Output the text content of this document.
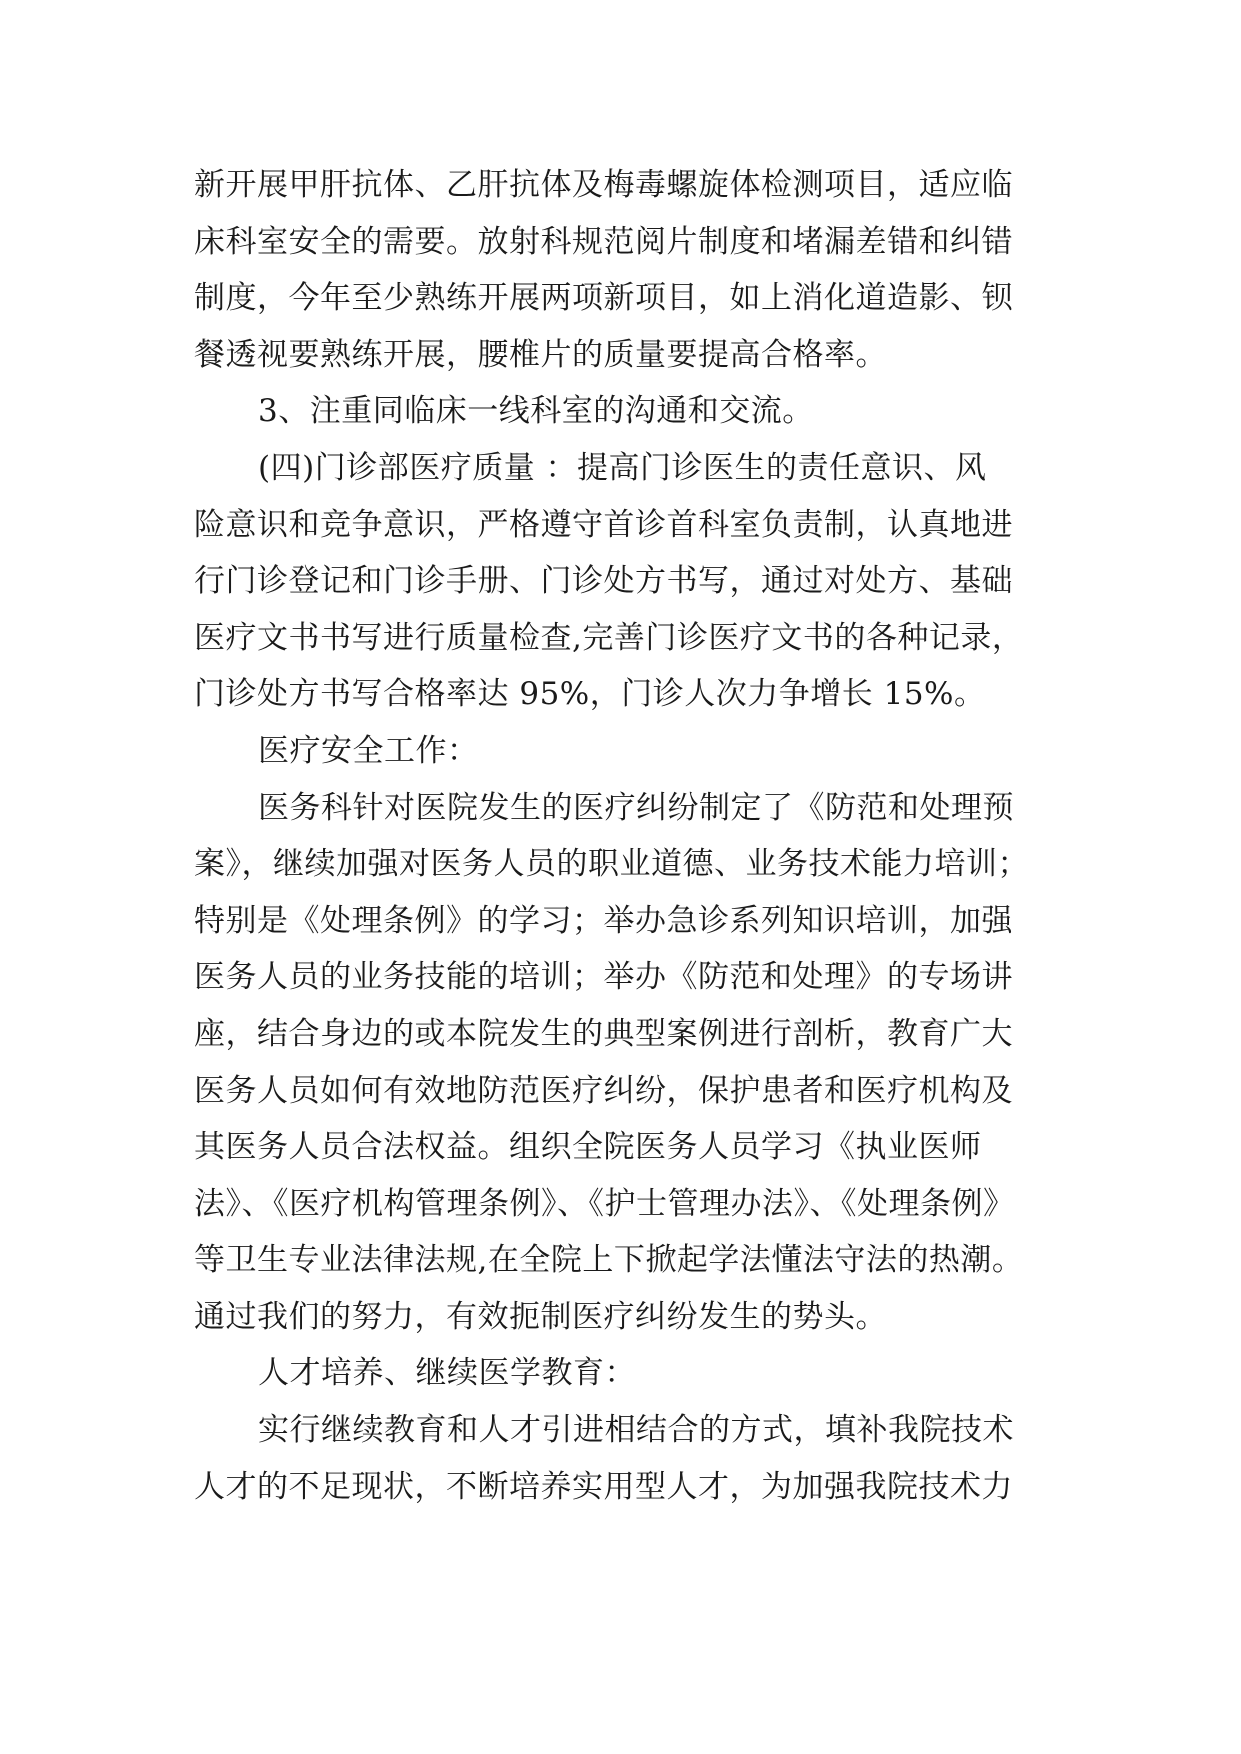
新开展甲肝抗体、乙肝抗体及梅毒螺旋体检测项目，适应临
床科室安全的需要。放射科规范阅片制度和堵漏差错和纠错
制度，今年至少熟练开展两项新项目，如上消化道造影、钡
餐透视要熟练开展，腰椎片的质量要提高合格率。
3、注重同临床一线科室的沟通和交流。
(四)门诊部医疗质量 ：提高门诊医生的责任意识、风
险意识和竞争意识，严格遵守首诊首科室负责制，认真地进
行门诊登记和门诊手册、门诊处方书写，通过对处方、基础
医疗文书书写进行质量检查,完善门诊医疗文书的各种记录，
门诊处方书写合格率达 95%，门诊人次力争增长 15%。
医疗安全工作：
医务科针对医院发生的医疗纠纷制定了《防范和处理预
案》，继续加强对医务人员的职业道德、业务技术能力培训；
特别是《处理条例》的学习；举办急诊系列知识培训，加强
医务人员的业务技能的培训；举办《防范和处理》的专场讲
座，结合身边的或本院发生的典型案例进行剖析，教育广大
医务人员如何有效地防范医疗纠纷，保护患者和医疗机构及
其医务人员合法权益。组织全院医务人员学习《执业医师
法》、《医疗机构管理条例》、《护士管理办法》、《处理条例》
等卫生专业法律法规,在全院上下掀起学法懂法守法的热潮。
通过我们的努力，有效扼制医疗纠纷发生的势头。
人才培养、继续医学教育：
实行继续教育和人才引进相结合的方式，填补我院技术
人才的不足现状，不断培养实用型人才，为加强我院技术力
